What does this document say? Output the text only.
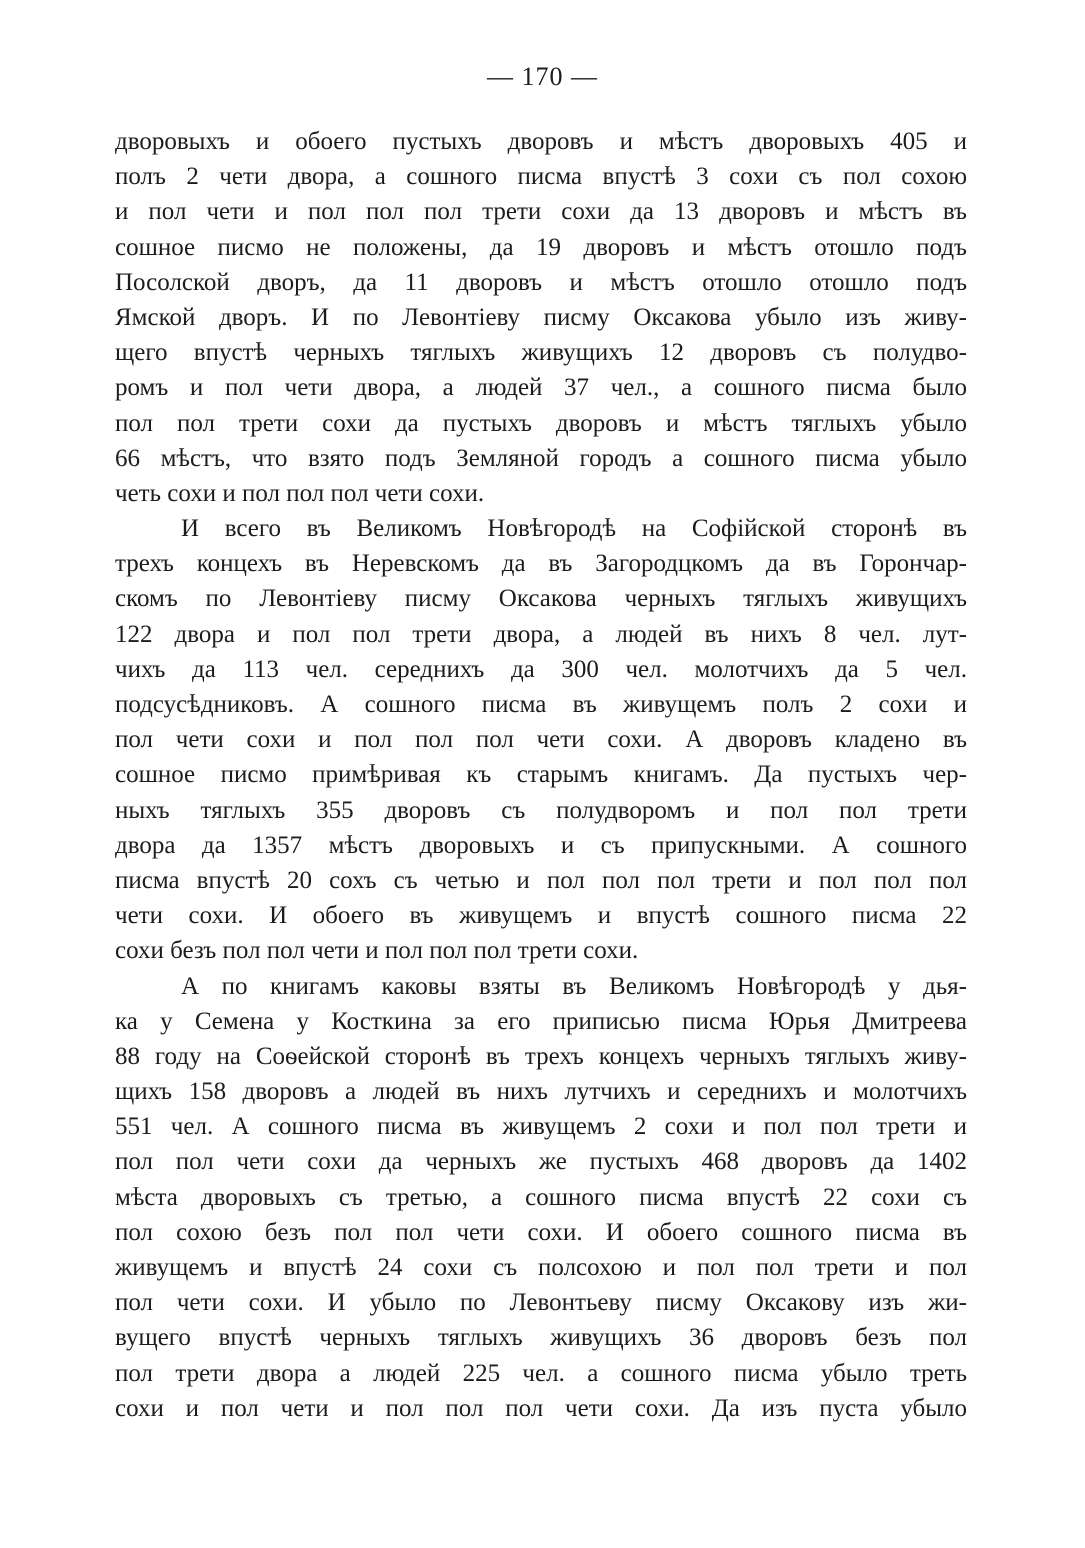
— 170 —
дворовыхъ и обоего пустыхъ дворовъ и мѣстъ дворовыхъ 405 и
полъ 2 чети двора, а сошного писма впустѣ 3 сохи съ пол сохою
и пол чети и пол пол пол трети сохи да 13 дворовъ и мѣстъ въ
сошное писмо не положены, да 19 дворовъ и мѣстъ отошло подъ
Посолской дворъ, да 11 дворовъ и мѣстъ отошло отошло подъ
Ямской дворъ. И по Левонтіеву писму Оксакова убыло изъ живу-
щего впустѣ черныхъ тяглыхъ живущихъ 12 дворовъ съ полудво-
ромъ и пол чети двора, а людей 37 чел., а сошного писма было
пол пол трети сохи да пустыхъ дворовъ и мѣстъ тяглыхъ убыло
66 мѣстъ, что взято подъ Земляной городъ а сошного писма убыло
четь сохи и пол пол пол чети сохи.
И всего въ Великомъ Новѣгородѣ на Софійской сторонѣ въ
трехъ концехъ въ Неревскомъ да въ Загородцкомъ да въ Горончар-
скомъ по Левонтіеву писму Оксакова черныхъ тяглыхъ живущихъ
122 двора и пол пол трети двора, а людей въ нихъ 8 чел. лут-
чихъ да 113 чел. середнихъ да 300 чел. молотчихъ да 5 чел.
подсусѣдниковъ. А сошного писма въ живущемъ полъ 2 сохи и
пол чети сохи и пол пол пол чети сохи. А дворовъ кладено въ
сошное писмо примѣривая къ старымъ книгамъ. Да пустыхъ чер-
ныхъ тяглыхъ 355 дворовъ съ полудворомъ и пол пол трети
двора да 1357 мѣстъ дворовыхъ и съ припускными. А сошного
писма впустѣ 20 сохъ съ четью и пол пол пол трети и пол пол пол
чети сохи. И обоего въ живущемъ и впустѣ сошного писма 22
сохи безъ пол пол чети и пол пол пол трети сохи.
А по книгамъ каковы взяты въ Великомъ Новѣгородѣ у дья-
ка у Семена у Косткина за его приписью писма Юрья Дмитреева
88 году на Соѳейской сторонѣ въ трехъ концехъ черныхъ тяглыхъ живу-
щихъ 158 дворовъ а людей въ нихъ лутчихъ и середнихъ и молотчихъ
551 чел. А сошного писма въ живущемъ 2 сохи и пол пол трети и
пол пол чети сохи да черныхъ же пустыхъ 468 дворовъ да 1402
мѣста дворовыхъ съ третью, а сошного писма впустѣ 22 сохи съ
пол сохою безъ пол пол чети сохи. И обоего сошного писма въ
живущемъ и впустѣ 24 сохи съ полсохою и пол пол трети и пол
пол чети сохи. И убыло по Левонтьеву писму Оксакову изъ жи-
вущего впустѣ черныхъ тяглыхъ живущихъ 36 дворовъ безъ пол
пол трети двора а людей 225 чел. а сошного писма убыло треть
сохи и пол чети и пол пол пол чети сохи. Да изъ пуста убыло
